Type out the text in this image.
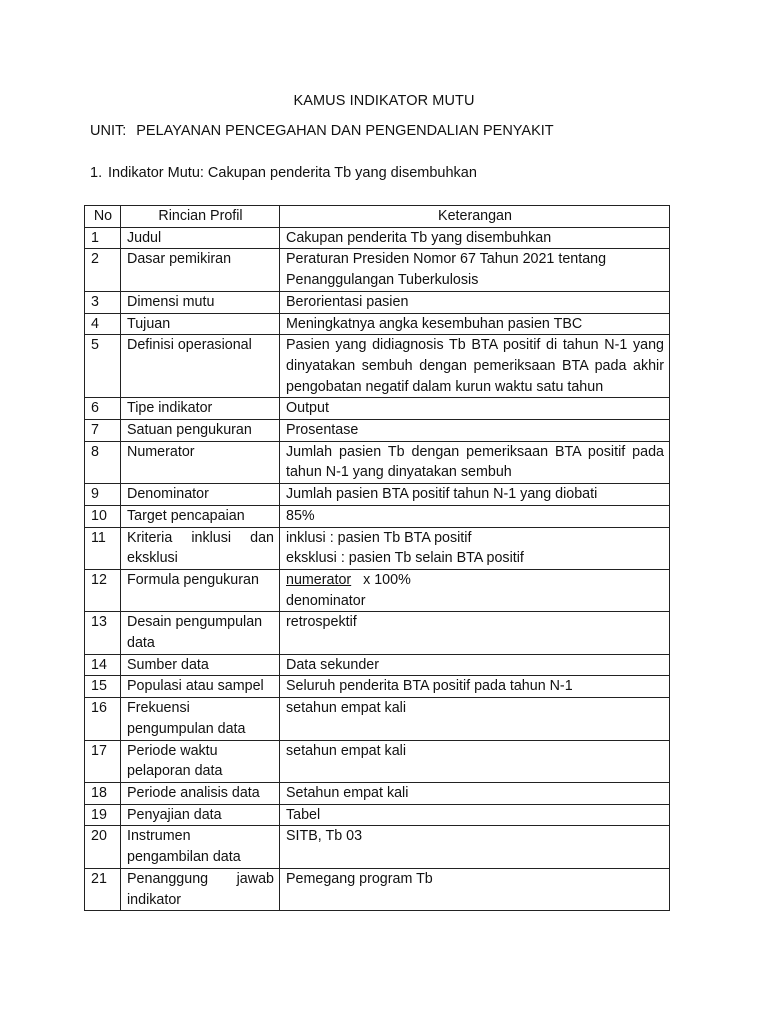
KAMUS INDIKATOR MUTU
UNIT: PELAYANAN PENCEGAHAN DAN PENGENDALIAN PENYAKIT
1. Indikator Mutu: Cakupan penderita Tb yang disembuhkan
No	Rincian Profil	Keterangan
1	Judul	Cakupan penderita Tb yang disembuhkan
2	Dasar pemikiran	Peraturan Presiden Nomor 67 Tahun 2021 tentang Penanggulangan Tuberkulosis
3	Dimensi mutu	Berorientasi pasien
4	Tujuan	Meningkatnya angka kesembuhan pasien TBC
5	Definisi operasional	Pasien yang didiagnosis Tb BTA positif di tahun N-1 yang dinyatakan sembuh dengan pemeriksaan BTA pada akhir pengobatan negatif dalam kurun waktu satu tahun
6	Tipe indikator	Output
7	Satuan pengukuran	Prosentase
8	Numerator	Jumlah pasien Tb dengan pemeriksaan BTA positif pada tahun N-1 yang dinyatakan sembuh
9	Denominator	Jumlah pasien BTA positif tahun N-1 yang diobati
10	Target pencapaian	85%
11	Kriteria inklusi dan eksklusi	inklusi : pasien Tb BTA positif
eksklusi : pasien Tb selain BTA positif

12	Formula pengukuran	numerator x 100%
denominator

13	Desain pengumpulan data	retrospektif
14	Sumber data	Data sekunder
15	Populasi atau sampel	Seluruh penderita BTA positif pada tahun N-1
16	Frekuensi pengumpulan data	setahun empat kali
17	Periode waktu pelaporan data	setahun empat kali
18	Periode analisis data	Setahun empat kali
19	Penyajian data	Tabel
20	Instrumen pengambilan data	SITB, Tb 03
21	Penanggung jawab indikator	Pemegang program Tb
